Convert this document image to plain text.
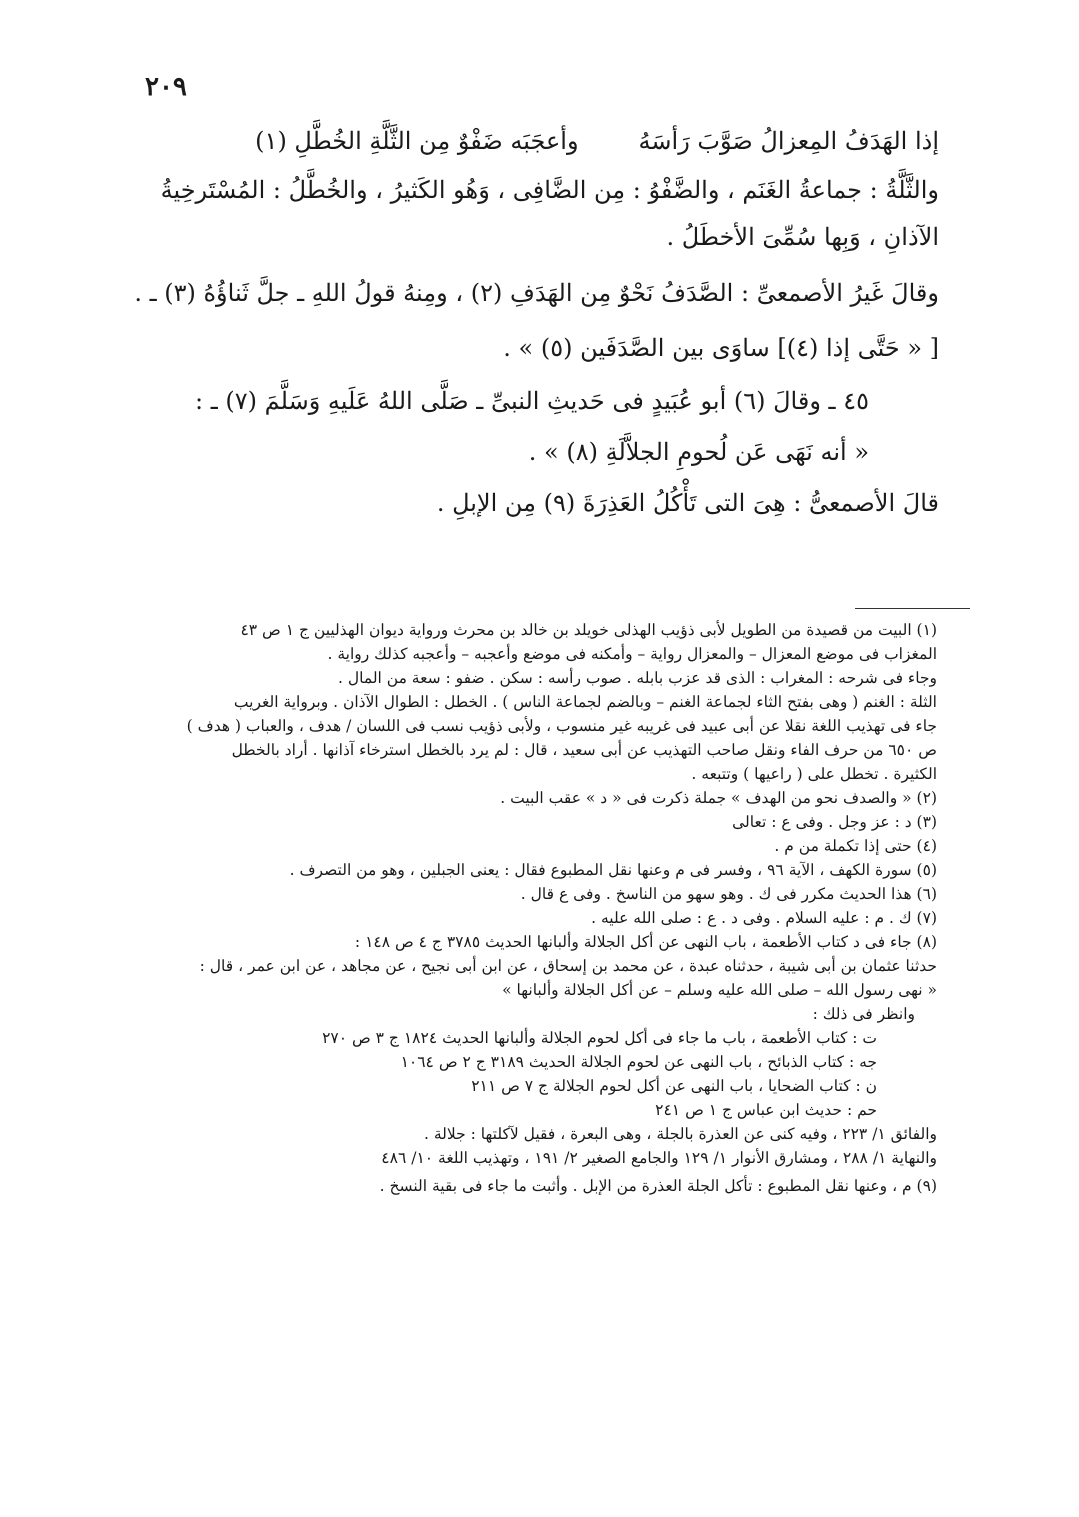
٢٠٩
إذا الهَدَفُ المِعزالُ صَوَّبَ رَأسَهُ
وأعجَبَه ضَفْوٌ مِن الثَّلَّةِ الخُطَّلِ (١)

والثَّلَّةُ : جماعةُ الغَنَم ، والضَّفْوُ : مِن الضَّافِى ، وَهُو الكَثيرُ ، والخُطَّلُ : المُسْتَرخِيةُ

الآذانِ ، وَبِها سُمِّىَ الأخطَلُ .

وقالَ غَيرُ الأصمعىِّ : الصَّدَفُ نَحْوٌ مِن الهَدَفِ (٢) ، ومِنهُ قولُ اللهِ ـ جلَّ ثَناؤُهُ (٣) ـ .

[ « حَتَّى إذا (٤)] ساوَى بين الصَّدَفَين (٥) » .

٤٥ ـ وقالَ (٦) أبو عُبَيدٍ فى حَديثِ النبىِّ ـ صَلَّى اللهُ عَلَيهِ وَسَلَّمَ (٧) ـ :

« أنه نَهَى عَن لُحومِ الجلاَّلَةِ (٨) » .

قالَ الأصمعىُّ : هِىَ التى تَأْكُلُ العَذِرَةَ (٩) مِن الإبلِ .

(١) البيت من قصيدة من الطويل لأبى ذؤيب الهذلى خويلد بن خالد بن محرث ورواية ديوان الهذليين ج ١ ص ٤٣

المغزاب فى موضع المعزال – والمعزال رواية – وأمكنه فى موضع وأعجبه – وأعجبه كذلك رواية .

وجاء فى شرحه : المغراب : الذى قد عزب بابله . صوب رأسه : سكن . ضفو : سعة من المال .

الثلة : الغنم ( وهى بفتح الثاء لجماعة الغنم – وبالضم لجماعة الناس ) . الخطل : الطوال الآذان . وبرواية الغريب

جاء فى تهذيب اللغة نقلا عن أبى عبيد فى غريبه غير منسوب ، ولأبى ذؤيب نسب فى اللسان / هدف ، والعباب ( هدف )

ص ٦٥٠ من حرف الفاء ونقل صاحب التهذيب عن أبى سعيد ، قال : لم يرد بالخطل استرخاء آذانها . أراد بالخطل

الكثيرة . تخطل على ( راعيها ) وتتبعه .

(٢) « والصدف نحو من الهدف » جملة ذكرت فى « د » عقب البيت .

(٣) د : عز وجل . وفى ع : تعالى

(٤) حتى إذا تكملة من م .

(٥) سورة الكهف ، الآية ٩٦ ، وفسر فى م وعنها نقل المطبوع فقال : يعنى الجبلين ، وهو من التصرف .

(٦) هذا الحديث مكرر فى ك . وهو سهو من الناسخ . وفى ع قال .

(٧) ك . م : عليه السلام . وفى د . ع : صلى الله عليه .

(٨) جاء فى د كتاب الأطعمة ، باب النهى عن أكل الجلالة وألبانها الحديث ٣٧٨٥ ج ٤ ص ١٤٨ :

حدثنا عثمان بن أبى شيبة ، حدثناه عبدة ، عن محمد بن إسحاق ، عن ابن أبى نجيح ، عن مجاهد ، عن ابن عمر ، قال :

« نهى رسول الله – صلى الله عليه وسلم – عن أكل الجلالة وألبانها »

وانظر فى ذلك :

ت : كتاب الأطعمة ، باب ما جاء فى أكل لحوم الجلالة وألبانها الحديث ١٨٢٤ ج ٣ ص ٢٧٠

جه : كتاب الذبائح ، باب النهى عن لحوم الجلالة الحديث ٣١٨٩ ج ٢ ص ١٠٦٤

ن : كتاب الضحايا ، باب النهى عن أكل لحوم الجلالة ج ٧ ص ٢١١

حم : حديث ابن عباس ج ١ ص ٢٤١

والفائق ١/ ٢٢٣ ، وفيه كنى عن العذرة بالجلة ، وهى البعرة ، فقيل لآكلتها : جلالة .

والنهاية ١/ ٢٨٨ ، ومشارق الأنوار ١/ ١٢٩ والجامع الصغير ٢/ ١٩١ ، وتهذيب اللغة ١٠/ ٤٨٦

(٩) م ، وعنها نقل المطبوع : تأكل الجلة العذرة من الإبل . وأثبت ما جاء فى بقية النسخ .
